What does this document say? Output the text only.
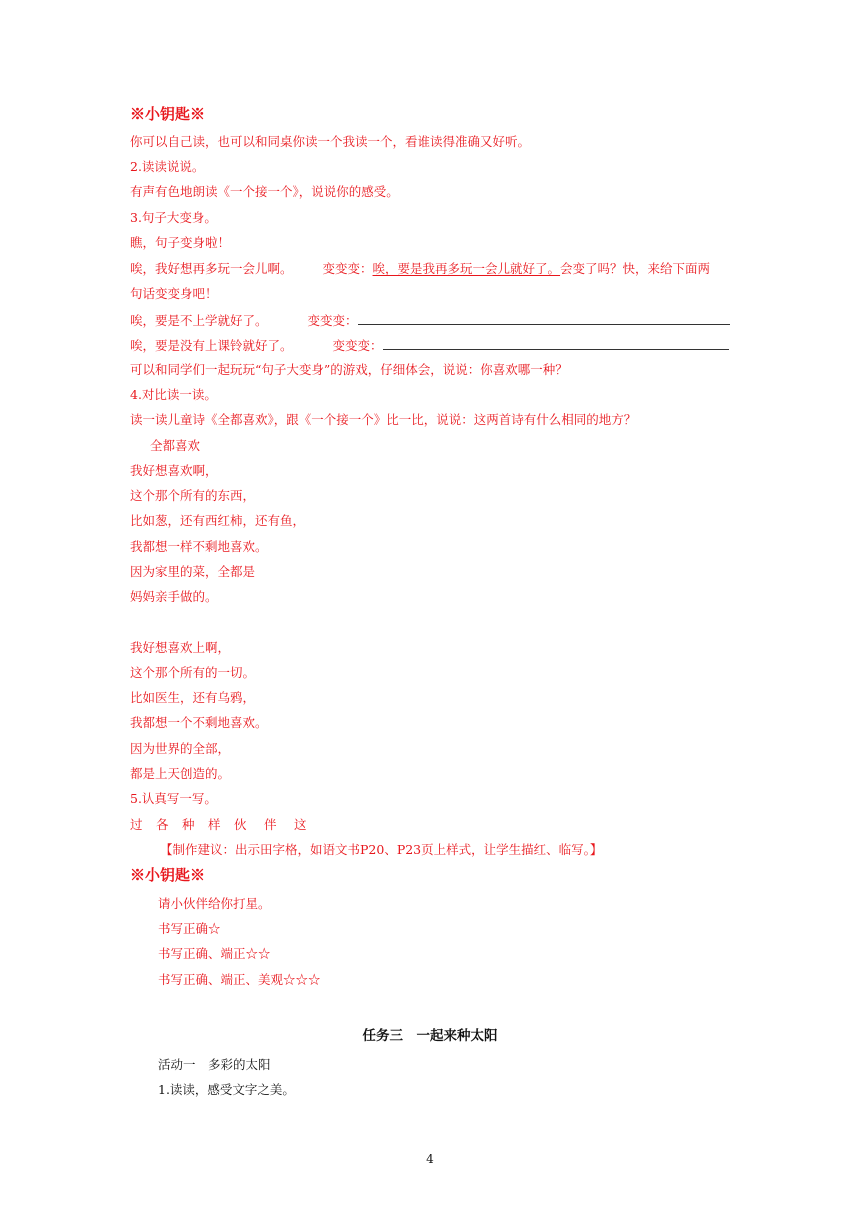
※小钥匙※
你可以自己读，也可以和同桌你读一个我读一个，看谁读得准确又好听。
2.读读说说。
有声有色地朗读《一个接一个》，说说你的感受。
3.句子大变身。
瞧，句子变身啦！
唉，我好想再多玩一会儿啊。 变变变：唉，要是我再多玩一会儿就好了。会变了吗？快，来给下面两
句话变变身吧！
唉，要是不上学就好了。	变变变：
唉，要是没有上课铃就好了。	变变变：
可以和同学们一起玩玩“句子大变身”的游戏，仔细体会，说说：你喜欢哪一种？
4.对比读一读。
读一读儿童诗《全都喜欢》，跟《一个接一个》比一比，说说：这两首诗有什么相同的地方？
全都喜欢
我好想喜欢啊，
这个那个所有的东西，
比如葱，还有西红柿，还有鱼，
我都想一样不剩地喜欢。
因为家里的菜，全都是
妈妈亲手做的。
我好想喜欢上啊，
这个那个所有的一切。
比如医生，还有乌鸦，
我都想一个不剩地喜欢。
因为世界的全部，
都是上天创造的。
5.认真写一写。
过 各 种 样 伙 伴 这
【制作建议：出示田字格，如语文书P20、P23页上样式，让学生描红、临写。】
※小钥匙※
请小伙伴给你打星。
书写正确☆
书写正确、端正☆☆
书写正确、端正、美观☆☆☆
任务三　一起来种太阳
活动一　多彩的太阳
1.读读，感受文字之美。
4
